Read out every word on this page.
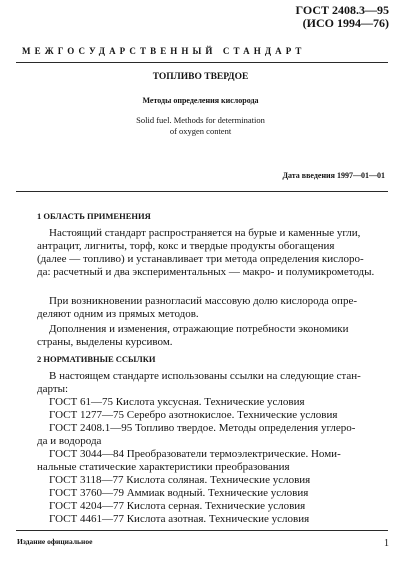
ГОСТ 2408.3—95
(ИСО 1994—76)
МЕЖГОСУДАРСТВЕННЫЙ СТАНДАРТ
ТОПЛИВО ТВЕРДОЕ
Методы определения кислорода
Solid fuel. Methods for determination
of oxygen content
Дата введения 1997—01—01
1 ОБЛАСТЬ ПРИМЕНЕНИЯ
Настоящий стандарт распространяется на бурые и каменные угли,
антрацит, лигниты, торф, кокс и твердые продукты обогащения
(далее — топливо) и устанавливает три метода определения кислоро-
да: расчетный и два экспериментальных — макро- и полумикрометоды.
При возникновении разногласий массовую долю кислорода опре-
деляют одним из прямых методов.
Дополнения и изменения, отражающие потребности экономики
страны, выделены курсивом.
2 НОРМАТИВНЫЕ ССЫЛКИ
В настоящем стандарте использованы ссылки на следующие стан-
дарты:
ГОСТ 61—75 Кислота уксусная. Технические условия
ГОСТ 1277—75 Серебро азотнокислое. Технические условия
ГОСТ 2408.1—95 Топливо твердое. Методы определения углеро-
да и водорода
ГОСТ 3044—84 Преобразователи термоэлектрические. Номи-
нальные статические характеристики преобразования
ГОСТ 3118—77 Кислота соляная. Технические условия
ГОСТ 3760—79 Аммиак водный. Технические условия
ГОСТ 4204—77 Кислота серная. Технические условия
ГОСТ 4461—77 Кислота азотная. Технические условия
Издание официальное	1
